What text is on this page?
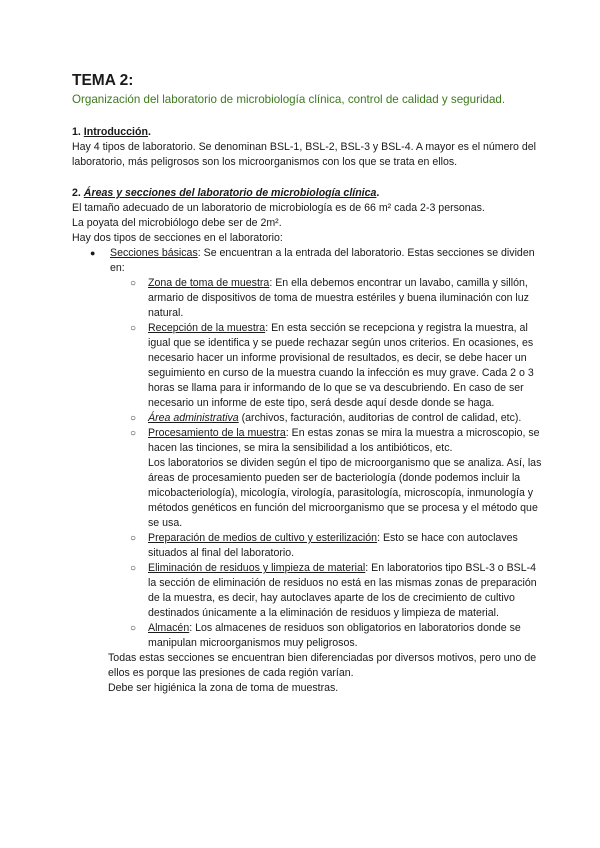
TEMA 2:
Organización del laboratorio de microbiología clínica, control de calidad y seguridad.
1. Introducción.
Hay 4 tipos de laboratorio. Se denominan BSL-1, BSL-2, BSL-3 y BSL-4. A mayor es el número del laboratorio, más peligrosos son los microorganismos con los que se trata en ellos.
2. Áreas y secciones del laboratorio de microbiología clínica.
El tamaño adecuado de un laboratorio de microbiología es de 66 m² cada 2-3 personas.
La poyata del microbiólogo debe ser de 2m².
Hay dos tipos de secciones en el laboratorio:
● Secciones básicas: Se encuentran a la entrada del laboratorio. Estas secciones se dividen en:
○ Zona de toma de muestra: En ella debemos encontrar un lavabo, camilla y sillón, armario de dispositivos de toma de muestra estériles y buena iluminación con luz natural.
○ Recepción de la muestra: En esta sección se recepciona y registra la muestra, al igual que se identifica y se puede rechazar según unos criterios. En ocasiones, es necesario hacer un informe provisional de resultados, es decir, se debe hacer un seguimiento en curso de la muestra cuando la infección es muy grave. Cada 2 o 3 horas se llama para ir informando de lo que se va descubriendo. En caso de ser necesario un informe de este tipo, será desde aquí desde donde se haga.
○ Área administrativa (archivos, facturación, auditorias de control de calidad, etc).
○ Procesamiento de la muestra: En estas zonas se mira la muestra a microscopio, se hacen las tinciones, se mira la sensibilidad a los antibióticos, etc.
Los laboratorios se dividen según el tipo de microorganismo que se analiza. Así, las áreas de procesamiento pueden ser de bacteriología (donde podemos incluir la micobacteriología), micología, virología, parasitología, microscopía, inmunología y métodos genéticos en función del microorganismo que se procesa y el método que se usa.
○ Preparación de medios de cultivo y esterilización: Esto se hace con autoclaves situados al final del laboratorio.
○ Eliminación de residuos y limpieza de material: En laboratorios tipo BSL-3 o BSL-4 la sección de eliminación de residuos no está en las mismas zonas de preparación de la muestra, es decir, hay autoclaves aparte de los de crecimiento de cultivo destinados únicamente a la eliminación de residuos y limpieza de material.
○ Almacén: Los almacenes de residuos son obligatorios en laboratorios donde se manipulan microorganismos muy peligrosos.
Todas estas secciones se encuentran bien diferenciadas por diversos motivos, pero uno de ellos es porque las presiones de cada región varían.
Debe ser higiénica la zona de toma de muestras.
